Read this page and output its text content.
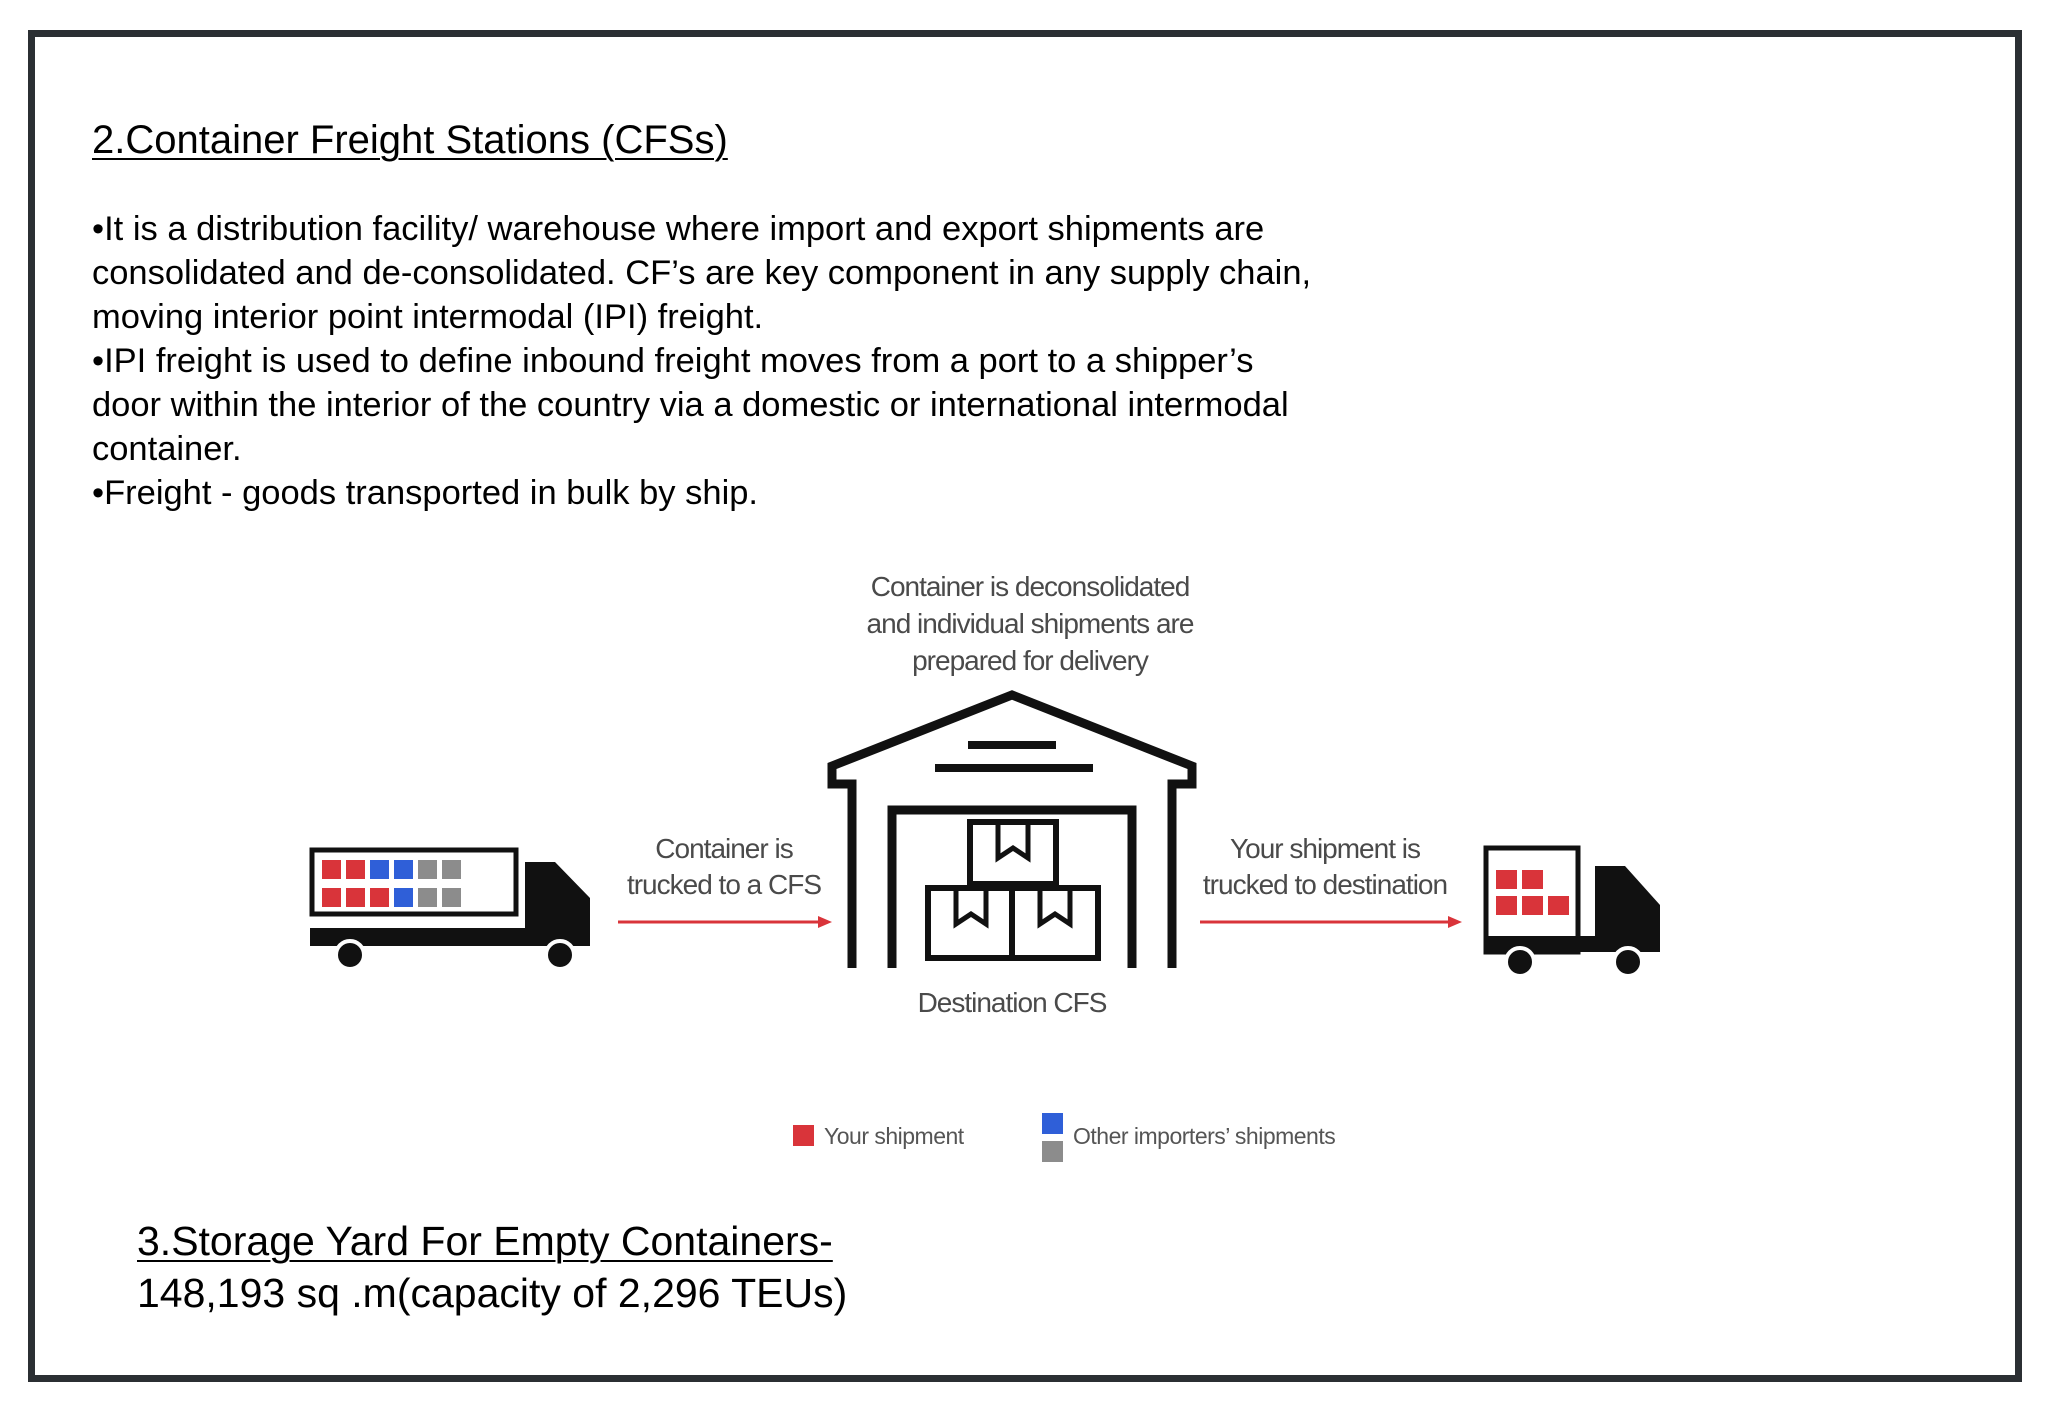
2.Container Freight Stations (CFSs)

•It is a distribution facility/ warehouse where import and export shipments are consolidated and de-consolidated. CF’s are key component in any supply chain, moving interior point intermodal (IPI) freight.

•IPI freight is used to define inbound freight moves from a port to a shipper’s door within the interior of the country via a domestic or international intermodal container.

•Freight - goods transported in bulk by ship.

Container is deconsolidated
and individual shipments are
prepared for delivery
Container is
trucked to a CFS
Destination CFS
Your shipment is
trucked to destination
Your shipment	Other importers’ shipments
3.Storage Yard For Empty Containers-
148,193 sq .m(capacity of 2,296 TEUs)
